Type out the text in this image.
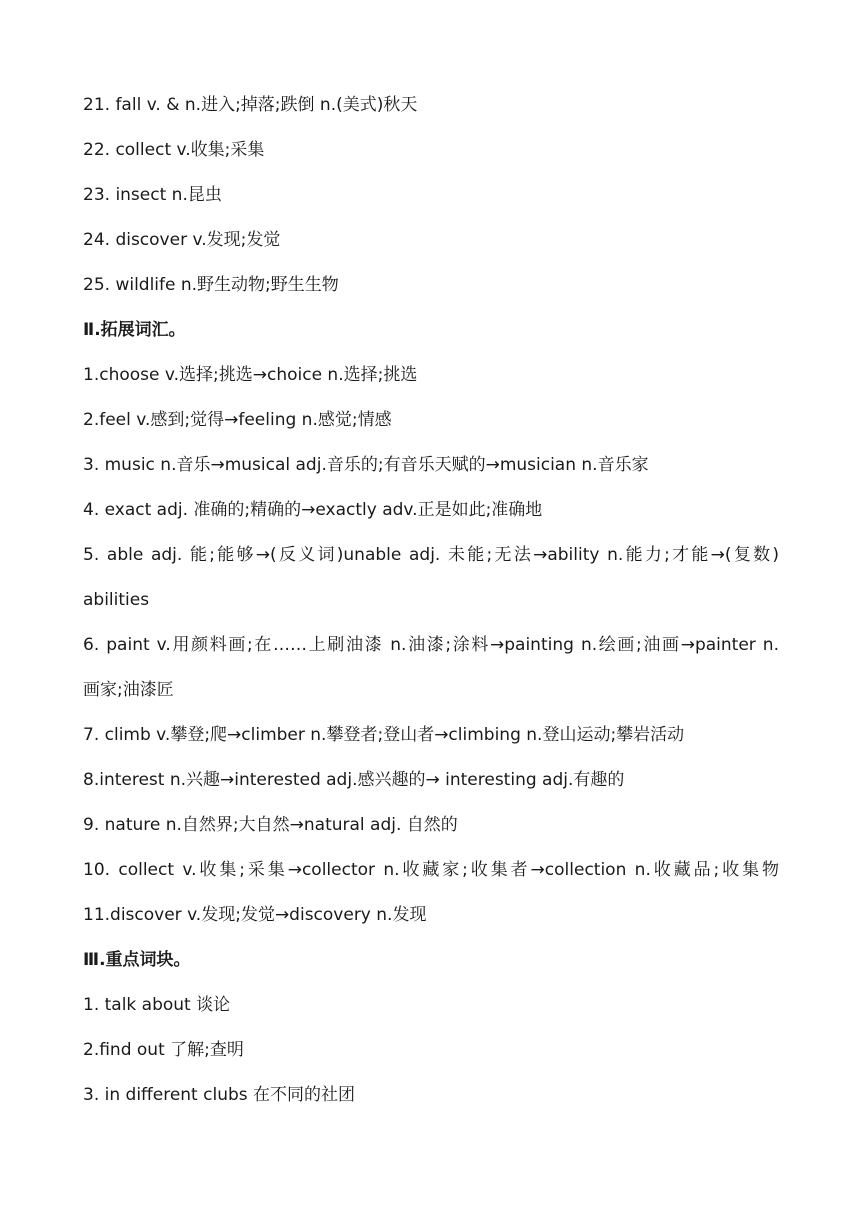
21. fall v. & n.进入;掉落;跌倒 n.(美式)秋天
22. collect v.收集;采集
23. insect n.昆虫
24. discover v.发现;发觉
25. wildlife n.野生动物;野生生物
Ⅱ.拓展词汇。
1.choose v.选择;挑选→choice n.选择;挑选
2.feel v.感到;觉得→feeling n.感觉;情感
3. music n.音乐→musical adj.音乐的;有音乐天赋的→musician n.音乐家
4. exact adj. 准确的;精确的→exactly adv.正是如此;准确地
5. able adj. 能;能够→(反义词)unable adj. 未能;无法→ability n.能力;才能→(复数)
abilities
6. paint v.用颜料画;在……上刷油漆 n.油漆;涂料→painting n.绘画;油画→painter n.
画家;油漆匠
7. climb v.攀登;爬→climber n.攀登者;登山者→climbing n.登山运动;攀岩活动
8.interest n.兴趣→interested adj.感兴趣的→ interesting adj.有趣的
9. nature n.自然界;大自然→natural adj. 自然的
10. collect v.收集;采集→collector n.收藏家;收集者→collection n.收藏品;收集物
11.discover v.发现;发觉→discovery n.发现
Ⅲ.重点词块。
1. talk about 谈论
2.find out 了解;查明
3. in different clubs 在不同的社团
